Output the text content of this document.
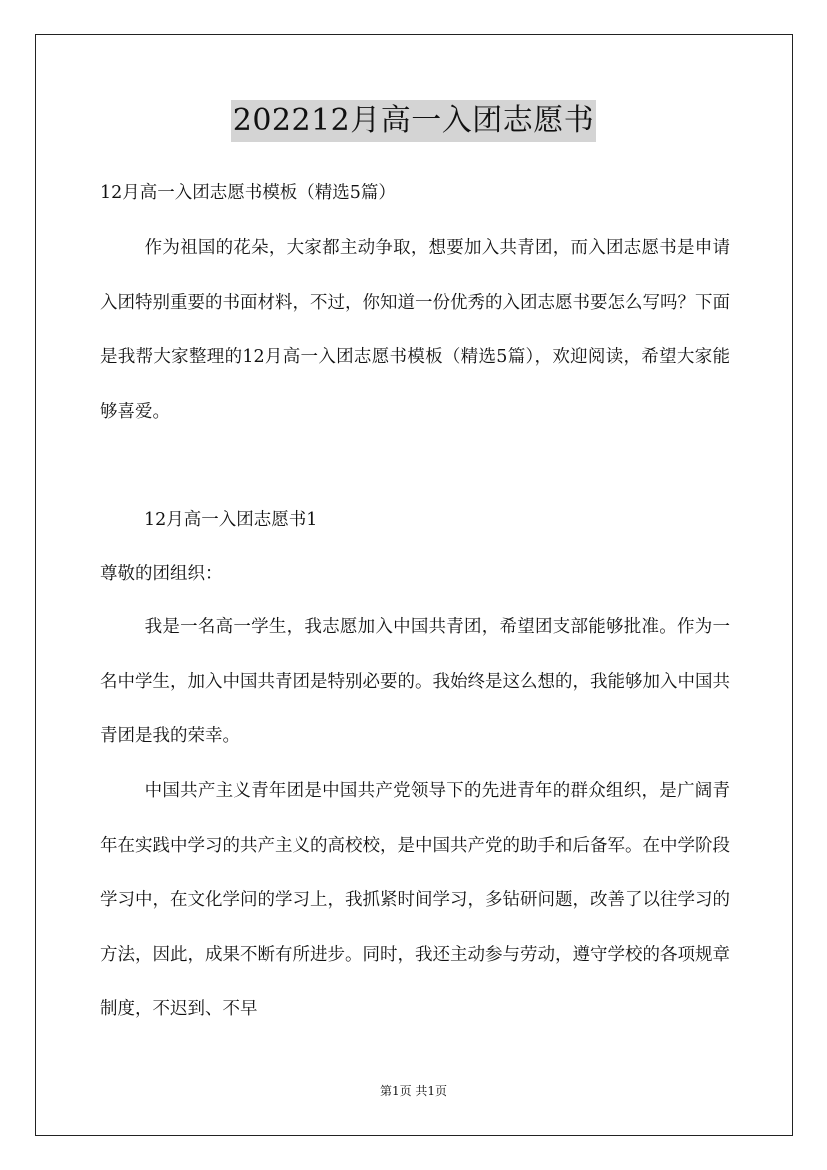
202212月高一入团志愿书
12月高一入团志愿书模板（精选5篇）

作为祖国的花朵，大家都主动争取，想要加入共青团，而入团志愿书是申请入团特别重要的书面材料，不过，你知道一份优秀的入团志愿书要怎么写吗？下面是我帮大家整理的12月高一入团志愿书模板（精选5篇），欢迎阅读，希望大家能够喜爱。

12月高一入团志愿书1
尊敬的团组织：

我是一名高一学生，我志愿加入中国共青团，希望团支部能够批准。作为一名中学生，加入中国共青团是特别必要的。我始终是这么想的，我能够加入中国共青团是我的荣幸。

中国共产主义青年团是中国共产党领导下的先进青年的群众组织，是广阔青年在实践中学习的共产主义的高校校，是中国共产党的助手和后备军。在中学阶段学习中，在文化学问的学习上，我抓紧时间学习，多钻研问题，改善了以往学习的方法，因此，成果不断有所进步。同时，我还主动参与劳动，遵守学校的各项规章制度，不迟到、不早

第1页 共1页
